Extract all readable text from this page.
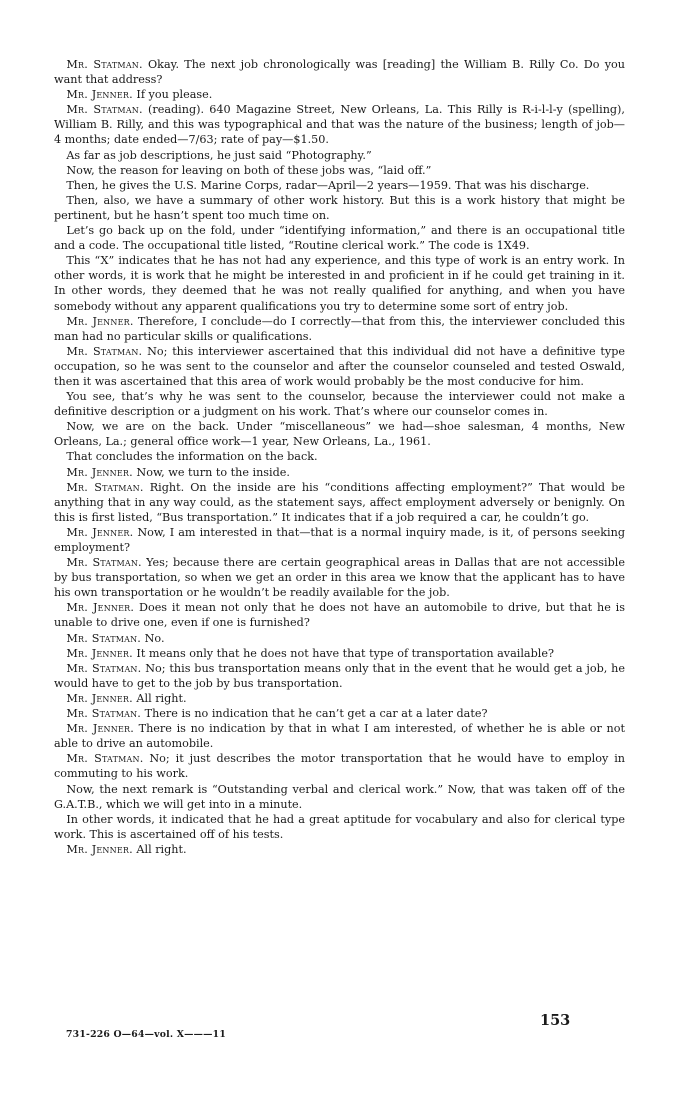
Mr. Statman. Okay. The next job chronologically was [reading] the William B. Rilly Co. Do you want that address?

Mr. Jenner. If you please.

Mr. Statman. (reading). 640 Magazine Street, New Orleans, La. This Rilly is R-i-l-l-y (spelling), William B. Rilly, and this was typographical and that was the nature of the business; length of job—4 months; date ended—7/63; rate of pay—$1.50.

As far as job descriptions, he just said “Photography.”

Now, the reason for leaving on both of these jobs was, “laid off.”

Then, he gives the U.S. Marine Corps, radar—April—2 years—1959. That was his discharge.

Then, also, we have a summary of other work history. But this is a work history that might be pertinent, but he hasn’t spent too much time on.

Let’s go back up on the fold, under “identifying information,” and there is an occupational title and a code. The occupational title listed, “Routine clerical work.” The code is 1X49.

This “X” indicates that he has not had any experience, and this type of work is an entry work. In other words, it is work that he might be interested in and proficient in if he could get training in it. In other words, they deemed that he was not really qualified for anything, and when you have somebody without any apparent qualifications you try to determine some sort of entry job.

Mr. Jenner. Therefore, I conclude—do I correctly—that from this, the interviewer concluded this man had no particular skills or qualifications.

Mr. Statman. No; this interviewer ascertained that this individual did not have a definitive type occupation, so he was sent to the counselor and after the counselor counseled and tested Oswald, then it was ascertained that this area of work would probably be the most conducive for him.

You see, that’s why he was sent to the counselor, because the interviewer could not make a definitive description or a judgment on his work. That’s where our counselor comes in.

Now, we are on the back. Under “miscellaneous” we had—shoe salesman, 4 months, New Orleans, La.; general office work—1 year, New Orleans, La., 1961.

That concludes the information on the back.

Mr. Jenner. Now, we turn to the inside.

Mr. Statman. Right. On the inside are his “conditions affecting employment?” That would be anything that in any way could, as the statement says, affect employment adversely or benignly. On this is first listed, “Bus transportation.” It indicates that if a job required a car, he couldn’t go.

Mr. Jenner. Now, I am interested in that—that is a normal inquiry made, is it, of persons seeking employment?

Mr. Statman. Yes; because there are certain geographical areas in Dallas that are not accessible by bus transportation, so when we get an order in this area we know that the applicant has to have his own transportation or he wouldn’t be readily available for the job.

Mr. Jenner. Does it mean not only that he does not have an automobile to drive, but that he is unable to drive one, even if one is furnished?

Mr. Statman. No.

Mr. Jenner. It means only that he does not have that type of transportation available?

Mr. Statman. No; this bus transportation means only that in the event that he would get a job, he would have to get to the job by bus transportation.

Mr. Jenner. All right.

Mr. Statman. There is no indication that he can’t get a car at a later date?

Mr. Jenner. There is no indication by that in what I am interested, of whether he is able or not able to drive an automobile.

Mr. Statman. No; it just describes the motor transportation that he would have to employ in commuting to his work.

Now, the next remark is “Outstanding verbal and clerical work.” Now, that was taken off of the G.A.T.B., which we will get into in a minute.

In other words, it indicated that he had a great aptitude for vocabulary and also for clerical type work. This is ascertained off of his tests.

Mr. Jenner. All right.

153
731-226 O—64—vol. X———11
